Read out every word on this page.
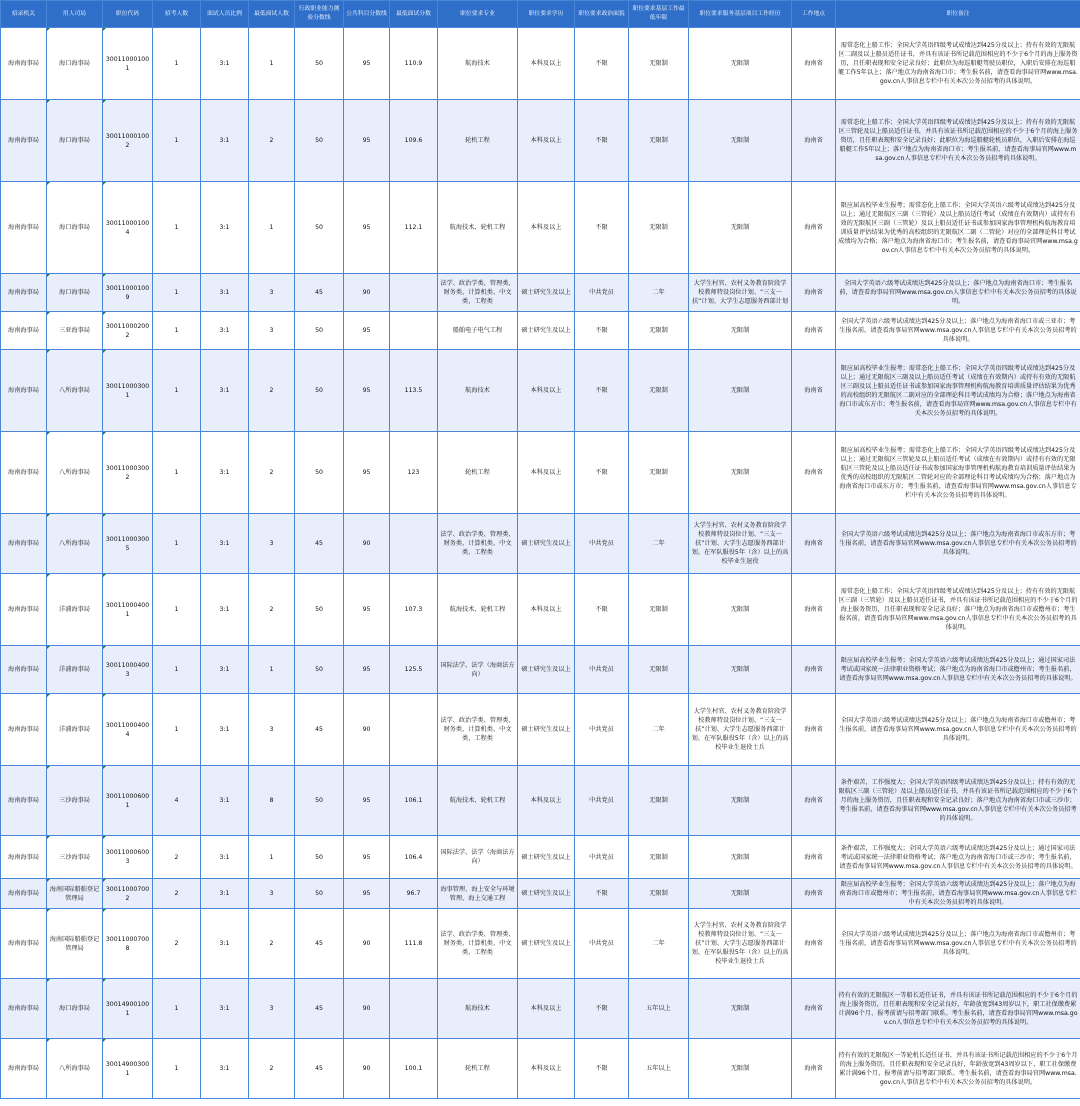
招录机关	用人司局	职位代码	招考人数	面试人员比例	最低面试人数	行政职业能力测验分数线	公共科目分数线	最低面试分数	职位要求专业	职位要求学历	职位要求政治面貌	职位要求基层工作最低年限	职位要求服务基层项目工作经历	工作地点	职位备注
海南海事局	海口海事局	300110001001	1	3:1	1	50	95	110.9	航海技术	本科及以上	不限	无限制	无限制	海南省	需常态化上船工作；全国大学英语四级考试成绩达到425分及以上；持有有效的无限航区二副及以上船员适任证书，并具有该证书所记载范围相应的不少于6个月的海上服务资历，且任职表现和安全记录良好；此职位为海巡船艇驾驶员职位，入职后安排在海巡船艇工作5年以上；落户地点为海南省海口市；考生报名前，请查看海事局官网www.msa.gov.cn人事信息专栏中有关本次公务员招考的具体说明。
海南海事局	海口海事局	300110001002	1	3:1	2	50	95	109.6	轮机工程	本科及以上	不限	无限制	无限制	海南省	需常态化上船工作；全国大学英语四级考试成绩达到425分及以上；持有有效的无限航区三管轮及以上船员适任证书，并具有该证书所记载范围相应的不少于6个月的海上服务资历，且任职表现和安全记录良好；此职位为海巡船艇轮机员职位，入职后安排在海巡船艇工作5年以上；落户地点为海南省海口市；考生报名前，请查看海事局官网www.msa.gov.cn人事信息专栏中有关本次公务员招考的具体说明。
海南海事局	海口海事局	300110001004	1	3:1	1	50	95	112.1	航海技术、轮机工程	本科及以上	不限	无限制	无限制	海南省	限应届高校毕业生报考；需常态化上船工作；全国大学英语六级考试成绩达到425分及以上；通过无限航区三副（三管轮）及以上船员适任考试（成绩在有效期内）或持有有效的无限航区三副（三管轮）及以上船员适任证书或参加国家海事管理机构航海教育培训质量评估结果为优秀的高校组织的无限航区二副（二管轮）对应的全部理论科目考试成绩均为合格；落户地点为海南省海口市；考生报名前，请查看海事局官网www.msa.gov.cn人事信息专栏中有关本次公务员招考的具体说明。
海南海事局	海口海事局	300110001009	1	3:1	3	45	90		法学、政治学类、管理类、财务类、计算机类、中文类、工程类	硕士研究生及以上	中共党员	二年	大学生村官、农村义务教育阶段学校教师特设岗位计划、“三支一扶”计划、大学生志愿服务西部计划	海南省	全国大学英语六级考试成绩达到425分及以上；落户地点为海南省海口市；考生报名前，请查看海事局官网www.msa.gov.cn人事信息专栏中有关本次公务员招考的具体说明。
海南海事局	三亚海事局	300110002002	1	3:1	3	50	95		船舶电子电气工程	硕士研究生及以上	不限	无限制	无限制	海南省	全国大学英语六级考试成绩达到425分及以上；落户地点为海南省海口市或三亚市；考生报名前，请查看海事局官网www.msa.gov.cn人事信息专栏中有关本次公务员招考的具体说明。
海南海事局	八所海事局	300110003001	1	3:1	2	50	95	113.5	航海技术	本科及以上	不限	无限制	无限制	海南省	限应届高校毕业生报考；需常态化上船工作；全国大学英语四级考试成绩达到425分及以上；通过无限航区三副及以上船员适任考试（成绩在有效期内）或持有有效的无限航区三副及以上船员适任证书或参加国家海事管理机构航海教育培训质量评估结果为优秀的高校组织的无限航区二副对应的全部理论科目考试成绩均为合格；落户地点为海南省海口市或东方市；考生报名前，请查看海事局官网www.msa.gov.cn人事信息专栏中有关本次公务员招考的具体说明。
海南海事局	八所海事局	300110003002	1	3:1	2	50	95	123	轮机工程	本科及以上	不限	无限制	无限制	海南省	限应届高校毕业生报考；需常态化上船工作；全国大学英语四级考试成绩达到425分及以上；通过无限航区三管轮及以上船员适任考试（成绩在有效期内）或持有有效的无限航区三管轮及以上船员适任证书或参加国家海事管理机构航海教育培训质量评估结果为优秀的高校组织的无限航区二管轮对应的全部理论科目考试成绩均为合格；落户地点为海南省海口市或东方市；考生报名前，请查看海事局官网www.msa.gov.cn人事信息专栏中有关本次公务员招考的具体说明。
海南海事局	八所海事局	300110003005	1	3:1	3	45	90		法学、政治学类、管理类、财务类、计算机类、中文类、工程类	硕士研究生及以上	中共党员	二年	大学生村官、农村义务教育阶段学校教师特设岗位计划、“三支一扶”计划、大学生志愿服务西部计划、在军队服役5年（含）以上的高校毕业生退役	海南省	全国大学英语六级考试成绩达到425分及以上；落户地点为海南省海口市或东方市；考生报名前，请查看海事局官网www.msa.gov.cn人事信息专栏中有关本次公务员招考的具体说明。
海南海事局	洋浦海事局	300110004001	1	3:1	2	50	95	107.3	航海技术、轮机工程	本科及以上	不限	无限制	无限制	海南省	需常态化上船工作；全国大学英语四级考试成绩达到425分及以上；持有有效的无限航区三副（三管轮）及以上船员适任证书，并具有该证书所记载范围相应的不少于6个月的海上服务资历，且任职表现和安全记录良好；落户地点为海南省海口市或儋州市；考生报名前，请查看海事局官网www.msa.gov.cn人事信息专栏中有关本次公务员招考的具体说明。
海南海事局	洋浦海事局	300110004003	1	3:1	1	50	95	125.5	国际法学、法学（海商法方向）	硕士研究生及以上	中共党员	无限制	无限制	海南省	限应届高校毕业生报考；全国大学英语六级考试成绩达到425分及以上；通过国家司法考试或国家统一法律职业资格考试；落户地点为海南省海口市或儋州市；考生报名前，请查看海事局官网www.msa.gov.cn人事信息专栏中有关本次公务员招考的具体说明。
海南海事局	洋浦海事局	300110004004	1	3:1	3	45	90		法学、政治学类、管理类、财务类、计算机类、中文类、工程类	硕士研究生及以上	中共党员	二年	大学生村官、农村义务教育阶段学校教师特设岗位计划、“三支一扶”计划、大学生志愿服务西部计划、在军队服役5年（含）以上的高校毕业生退役士兵	海南省	全国大学英语六级考试成绩达到425分及以上；落户地点为海南省海口市或儋州市；考生报名前，请查看海事局官网www.msa.gov.cn人事信息专栏中有关本次公务员招考的具体说明。
海南海事局	三沙海事局	300110006001	4	3:1	8	50	95	106.1	航海技术、轮机工程	本科及以上	中共党员	无限制	无限制	海南省	条件艰苦，工作强度大；全国大学英语四级考试成绩达到425分及以上；持有有效的无限航区三副（三管轮）及以上船员适任证书，并具有该证书所记载范围相应的不少于6个月的海上服务资历，且任职表现和安全记录良好；落户地点为海南省海口市或三沙市；考生报名前，请查看海事局官网www.msa.gov.cn人事信息专栏中有关本次公务员招考的具体说明。
海南海事局	三沙海事局	300110006003	2	3:1	1	50	95	106.4	国际法学、法学（海商法方向）	硕士研究生及以上	中共党员	无限制	无限制	海南省	条件艰苦，工作强度大；全国大学英语六级考试成绩达到425分及以上；通过国家司法考试或国家统一法律职业资格考试；落户地点为海南省海口市或三沙市；考生报名前，请查看海事局官网www.msa.gov.cn人事信息专栏中有关本次公务员招考的具体说明。
海南海事局	海南国际船舶登记管理局	300110007002	2	3:1	3	50	95	96.7	海事管理、海上安全与环境管理、海上交通工程	硕士研究生及以上	不限	无限制	无限制	海南省	限应届高校毕业生报考；全国大学英语六级考试成绩达到425分及以上；落户地点为海南省海口市或儋州市；考生报名前，请查看海事局官网www.msa.gov.cn人事信息专栏中有关本次公务员招考的具体说明。
海南海事局	海南国际船舶登记管理局	300110007008	2	3:1	2	45	90	111.8	法学、政治学类、管理类、财务类、计算机类、中文类、工程类	硕士研究生及以上	中共党员	二年	大学生村官、农村义务教育阶段学校教师特设岗位计划、“三支一扶”计划、大学生志愿服务西部计划、在军队服役5年（含）以上的高校毕业生退役士兵	海南省	全国大学英语六级考试成绩达到425分及以上；落户地点为海南省海口市或儋州市；考生报名前，请查看海事局官网www.msa.gov.cn人事信息专栏中有关本次公务员招考的具体说明。
海南海事局	海口海事局	300149001001	1	3:1	3	45	90		航海技术	本科及以上	不限	五年以上	无限制	海南省	持有有效的无限航区一等船长适任证书，并具有该证书所记载范围相应的不少于6个月的海上服务资历，且任职表现和安全记录良好，年龄放宽到43周岁以下，职工社保缴费累计满96个月，报考前请与招考部门联系。考生报名前，请查看海事局官网www.msa.gov.cn人事信息专栏中有关本次公务员招考的具体说明。
海南海事局	八所海事局	300149003001	1	3:1	2	45	90	100.1	轮机工程	本科及以上	不限	五年以上	无限制	海南省	持有有效的无限航区一等轮机长适任证书，并具有该证书所记载范围相应的不少于6个月的海上服务资历，且任职表现和安全记录良好，年龄放宽到43周岁以下，职工社保缴费累计满96个月，报考前请与招考部门联系。考生报名前，请查看海事局官网www.msa.gov.cn人事信息专栏中有关本次公务员招考的具体说明。
